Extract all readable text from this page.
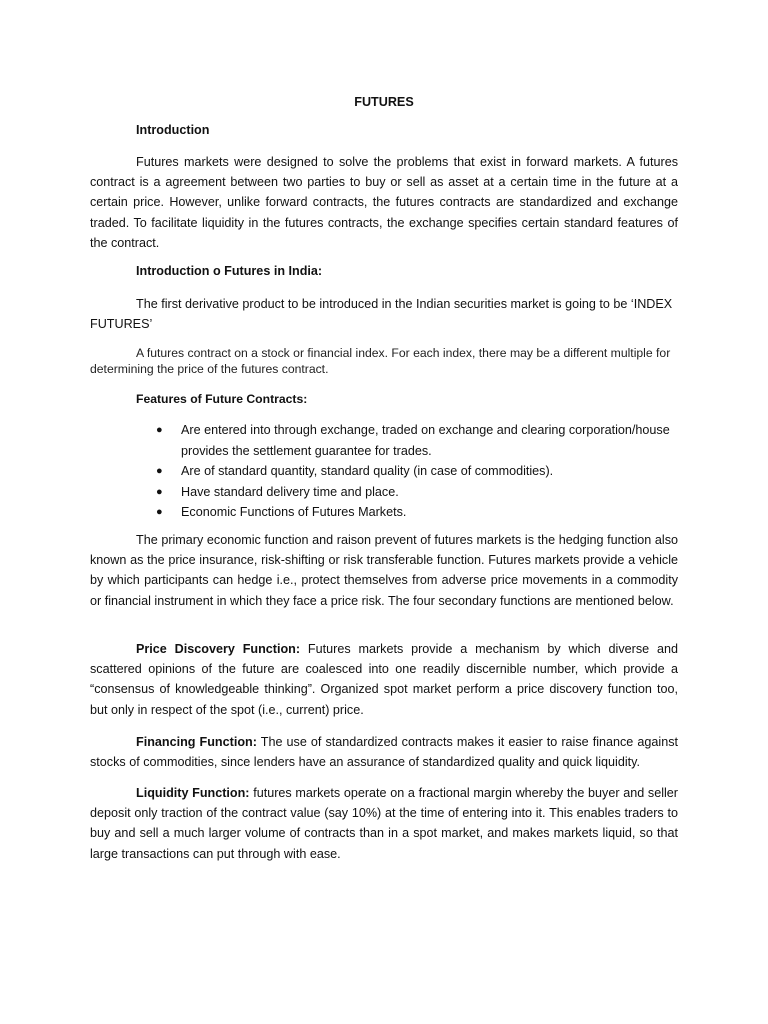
FUTURES
Introduction

Futures markets were designed to solve the problems that exist in forward markets. A futures contract is a agreement between two parties to buy or sell as asset at a certain time in the future at a certain price. However, unlike forward contracts, the futures contracts are standardized and exchange traded. To facilitate liquidity in the futures contracts, the exchange specifies certain standard features of the contract.

Introduction o Futures in India:

The first derivative product to be introduced in the Indian securities market is going to be ‘INDEX FUTURES’

A futures contract on a stock or financial index. For each index, there may be a different multiple for determining the price of the futures contract.

Features of Future Contracts:
● Are entered into through exchange, traded on exchange and clearing corporation/house provides the settlement guarantee for trades.
● Are of standard quantity, standard quality (in case of commodities).
● Have standard delivery time and place.
● Economic Functions of Futures Markets.

The primary economic function and raison prevent of futures markets is the hedging function also known as the price insurance, risk-shifting or risk transferable function. Futures markets provide a vehicle by which participants can hedge i.e., protect themselves from adverse price movements in a commodity or financial instrument in which they face a price risk. The four secondary functions are mentioned below.

Price Discovery Function: Futures markets provide a mechanism by which diverse and scattered opinions of the future are coalesced into one readily discernible number, which provide a “consensus of knowledgeable thinking”. Organized spot market perform a price discovery function too, but only in respect of the spot (i.e., current) price.

Financing Function: The use of standardized contracts makes it easier to raise finance against stocks of commodities, since lenders have an assurance of standardized quality and quick liquidity.

Liquidity Function: futures markets operate on a fractional margin whereby the buyer and seller deposit only traction of the contract value (say 10%) at the time of entering into it. This enables traders to buy and sell a much larger volume of contracts than in a spot market, and makes markets liquid, so that large transactions can put through with ease.
